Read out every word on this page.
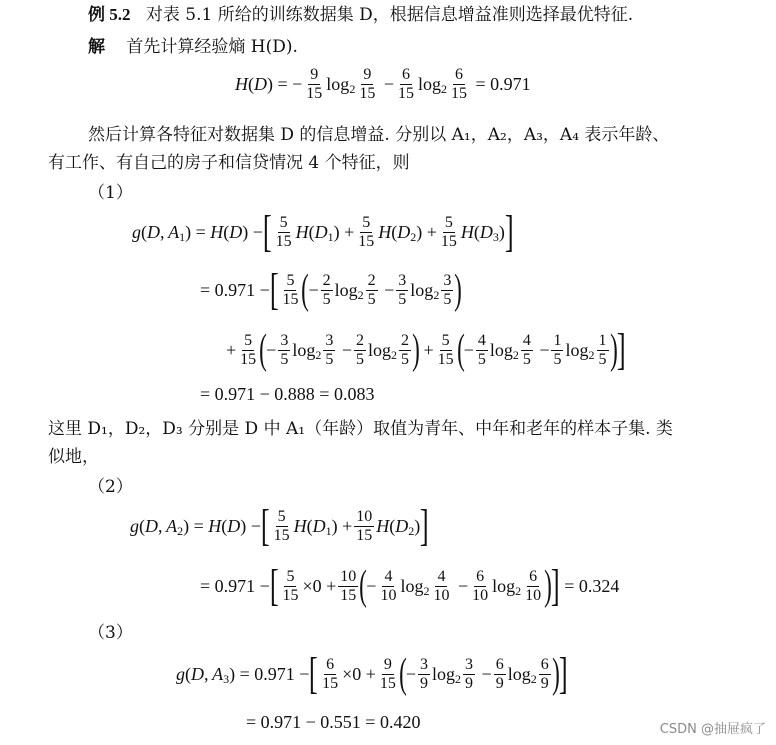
例 5.2 对表 5.1 所给的训练数据集 D，根据信息增益准则选择最优特征.
解 首先计算经验熵 H(D).
H ( D ) = − $\frac{9}{15}$ $\log 2 \frac{9}{15} - \frac{6}{15}$ $\log 2 \frac{6}{15}$
= 0.971
然后计算各特征对数据集 D 的信息增益. 分别以 A₁，A₂，A₃，A₄ 表示年龄、
有工作、有自己的房子和信贷情况 4 个特征，则
（1）
g ( D ,  A 1 ) = H ( D ) − [ $\frac{5}{15}$ H ( D 1 ) + $\frac{5}{15}$ H ( D 2 ) + $\frac{5}{15}$ H ( D 3 ) ]
= 0.971 − [ $\frac{5}{15}$ ( − $\frac{2}{5}$ $\log 2 \frac{2}{5} - \frac{3}{5}$ $\log 2 \frac{3}{5}$ )
+ $\frac{5}{15}$ ( − $\frac{3}{5}$ $\log 2 \frac{3}{5} - \frac{2}{5}$ $\log 2 \frac{2}{5}$ ) + $\frac{5}{15}$ ( − $\frac{4}{5}$ $\log 2 \frac{4}{5} - \frac{1}{5}$ $\log 2 \frac{1}{5}$ ) ]
= 0.971 − 0.888 = 0.083
这里 D₁，D₂，D₃ 分别是 D 中 A₁（年龄）取值为青年、中年和老年的样本子集. 类
似地，
（2）
g ( D ,  A 2 ) = H ( D ) − [ $\frac{5}{15}$ H ( D 1 ) + $\frac{10}{15}$ H ( D 2 ) ]
= 0.971 − [ $\frac{5}{15} \times 0 + \frac{10}{15}$ ( − $\frac{4}{10}$ $\log 2 \frac{4}{10} - \frac{6}{10}$ $\log 2 \frac{6}{10}$ ) ]
= 0.324
（3）
g ( D ,  A 3 ) = 0.971 − [ $\frac{6}{15} \times 0 + \frac{9}{15}$ ( − $\frac{3}{9}$ $\log 2 \frac{3}{9} - \frac{6}{9}$ $\log 2 \frac{6}{9}$ ) ]
= 0.971 − 0.551 = 0.420	CSDN @抽屉疯了
